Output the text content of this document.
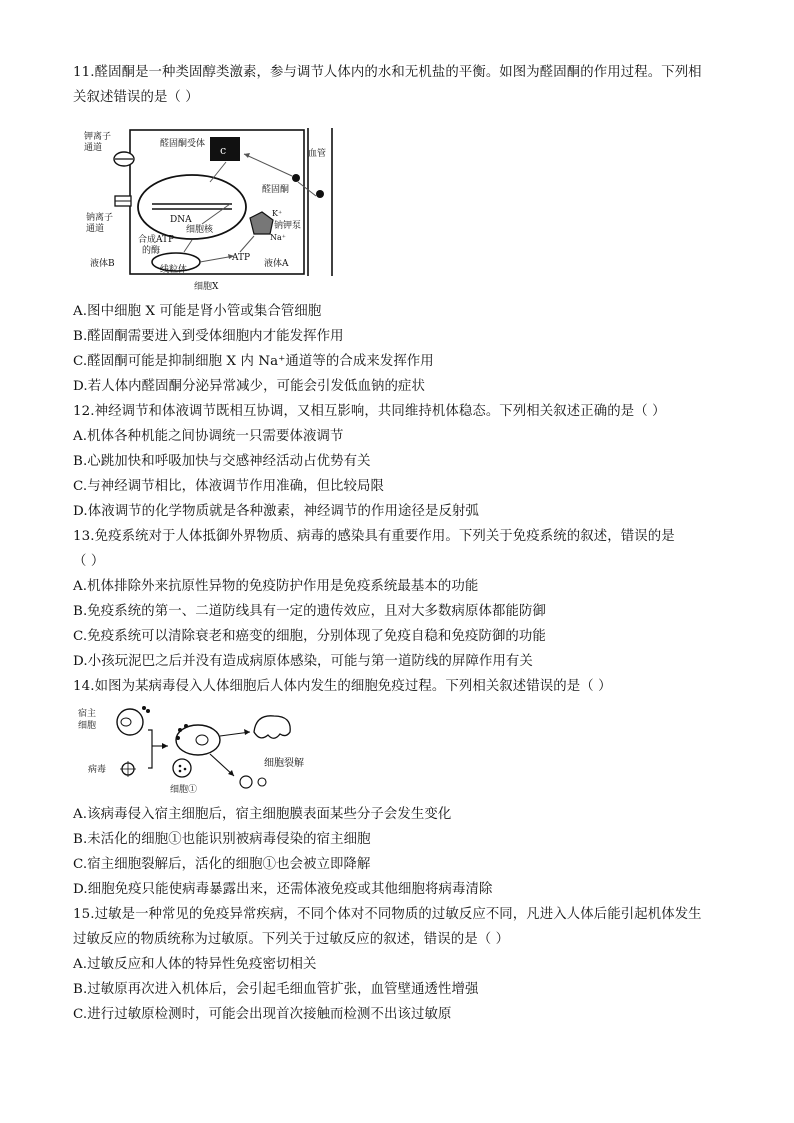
11.醛固酮是一种类固醇类激素，参与调节人体内的水和无机盐的平衡。如图为醛固酮的作用过程。下列相
关叙述错误的是（ ）
c
钾离子
通道	醛固酮受体
血管
醛固酮
钠离子
通道
DNA
细胞核
K⁺
钠钾泵
Na⁺
合成ATP
的酶
液体B
线粒体
ATP
液体A
细胞X
A.图中细胞 X 可能是肾小管或集合管细胞
B.醛固酮需要进入到受体细胞内才能发挥作用
C.醛固酮可能是抑制细胞 X 内 Na⁺通道等的合成来发挥作用
D.若人体内醛固酮分泌异常减少，可能会引发低血钠的症状
12.神经调节和体液调节既相互协调，又相互影响，共同维持机体稳态。下列相关叙述正确的是（ ）
A.机体各种机能之间协调统一只需要体液调节
B.心跳加快和呼吸加快与交感神经活动占优势有关
C.与神经调节相比，体液调节作用准确，但比较局限
D.体液调节的化学物质就是各种激素，神经调节的作用途径是反射弧
13.免疫系统对于人体抵御外界物质、病毒的感染具有重要作用。下列关于免疫系统的叙述，错误的是
（ ）
A.机体排除外来抗原性异物的免疫防护作用是免疫系统最基本的功能
B.免疫系统的第一、二道防线具有一定的遗传效应，且对大多数病原体都能防御
C.免疫系统可以清除衰老和癌变的细胞，分别体现了免疫自稳和免疫防御的功能
D.小孩玩泥巴之后并没有造成病原体感染，可能与第一道防线的屏障作用有关
14.如图为某病毒侵入人体细胞后人体内发生的细胞免疫过程。下列相关叙述错误的是（ ）
宿主
细胞
病毒
细胞裂解
细胞①
A.该病毒侵入宿主细胞后，宿主细胞膜表面某些分子会发生变化
B.未活化的细胞①也能识别被病毒侵染的宿主细胞
C.宿主细胞裂解后，活化的细胞①也会被立即降解
D.细胞免疫只能使病毒暴露出来，还需体液免疫或其他细胞将病毒清除
15.过敏是一种常见的免疫异常疾病，不同个体对不同物质的过敏反应不同，凡进入人体后能引起机体发生
过敏反应的物质统称为过敏原。下列关于过敏反应的叙述，错误的是（ ）
A.过敏反应和人体的特异性免疫密切相关
B.过敏原再次进入机体后，会引起毛细血管扩张，血管壁通透性增强
C.进行过敏原检测时，可能会出现首次接触而检测不出该过敏原
